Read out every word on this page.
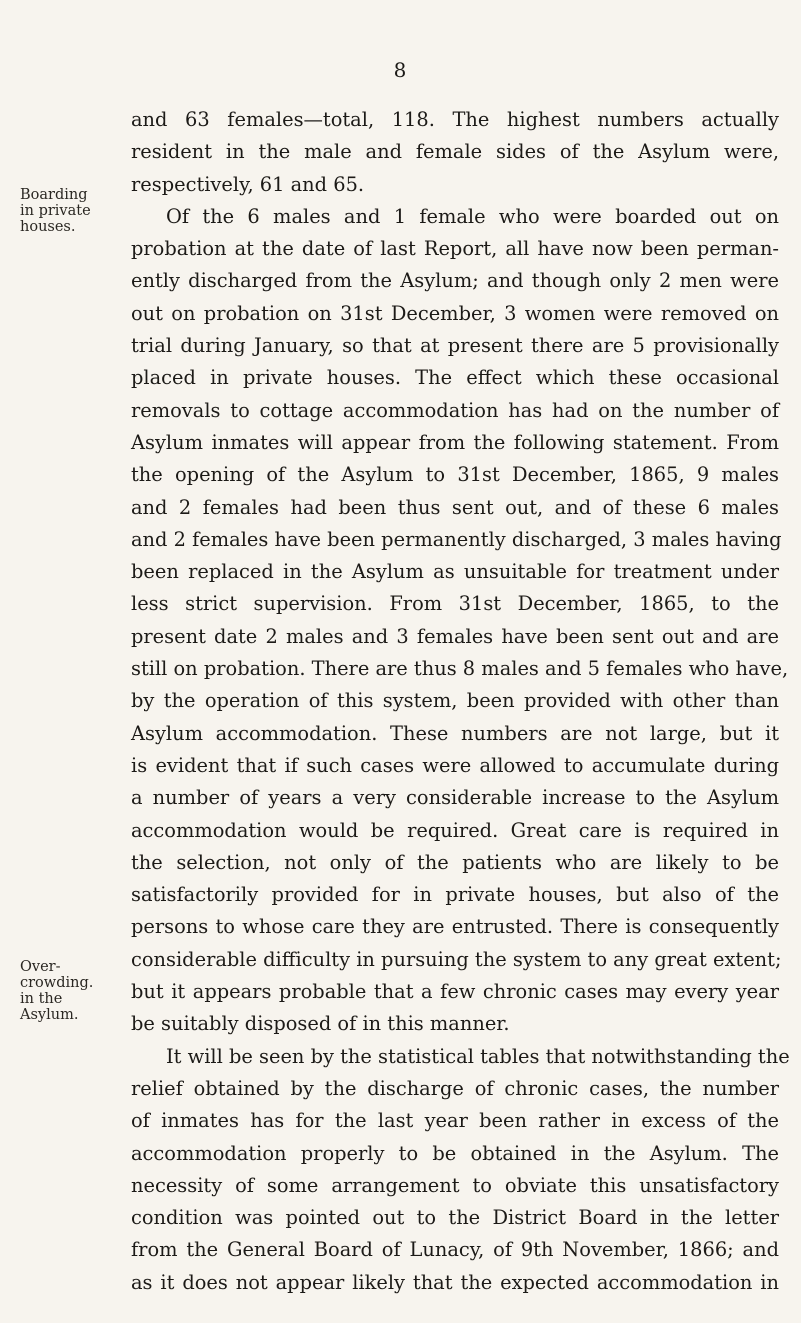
8
Boarding
in private
houses.
Over-
crowding.
in the
Asylum.
and 63 females—total, 118. The highest numbers actually
resident in the male and female sides of the Asylum were,
respectively, 61 and 65.
Of the 6 males and 1 female who were boarded out on
probation at the date of last Report, all have now been perman-
ently discharged from the Asylum; and though only 2 men were
out on probation on 31st December, 3 women were removed on
trial during January, so that at present there are 5 provisionally
placed in private houses. The effect which these occasional
removals to cottage accommodation has had on the number of
Asylum inmates will appear from the following statement. From
the opening of the Asylum to 31st December, 1865, 9 males
and 2 females had been thus sent out, and of these 6 males
and 2 females have been permanently discharged, 3 males having
been replaced in the Asylum as unsuitable for treatment under
less strict supervision. From 31st December, 1865, to the
present date 2 males and 3 females have been sent out and are
still on probation. There are thus 8 males and 5 females who have,
by the operation of this system, been provided with other than
Asylum accommodation. These numbers are not large, but it
is evident that if such cases were allowed to accumulate during
a number of years a very considerable increase to the Asylum
accommodation would be required. Great care is required in
the selection, not only of the patients who are likely to be
satisfactorily provided for in private houses, but also of the
persons to whose care they are entrusted. There is consequently
considerable difficulty in pursuing the system to any great extent;
but it appears probable that a few chronic cases may every year
be suitably disposed of in this manner.
It will be seen by the statistical tables that notwithstanding the
relief obtained by the discharge of chronic cases, the number
of inmates has for the last year been rather in excess of the
accommodation properly to be obtained in the Asylum. The
necessity of some arrangement to obviate this unsatisfactory
condition was pointed out to the District Board in the letter
from the General Board of Lunacy, of 9th November, 1866; and
as it does not appear likely that the expected accommodation in
